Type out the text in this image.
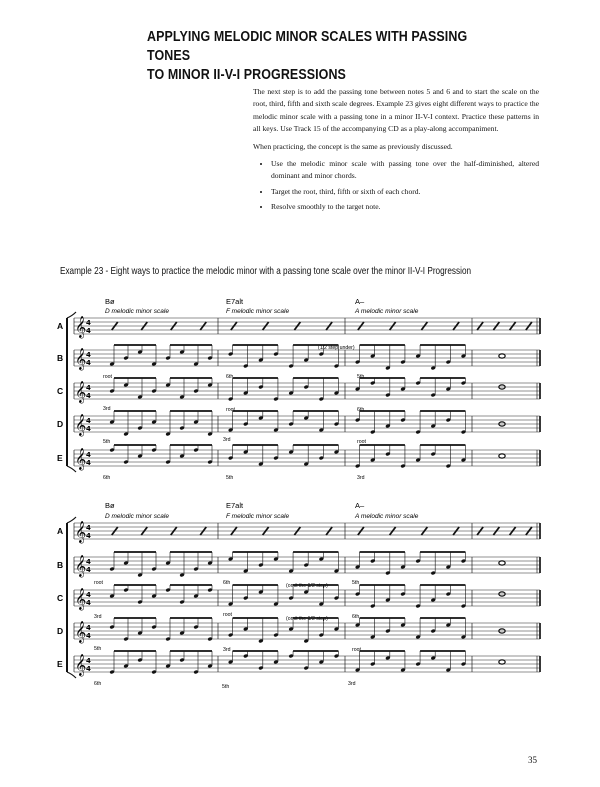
APPLYING MELODIC MINOR SCALES WITH PASSING TONES
TO MINOR II-V-I PROGRESSIONS

The next step is to add the passing tone between notes 5 and 6 and to start the scale on the root, third, fifth and sixth scale degrees. Example 23 gives eight different ways to practice the melodic minor scale with a passing tone in a minor II-V-I context. Practice these patterns in all keys. Use Track 15 of the accompanying CD as a play-along accompaniment.

When practicing, the concept is the same as previously discussed.

• Use the melodic minor scale with passing tone over the half-diminished, altered dominant and minor chords.
• Target the root, third, fifth or sixth of each chord.
• Resolve smoothly to the target note.
Example 23 - Eight ways to practice the melodic minor with a passing tone scale over the minor II-V-I Progression
Bø	E7alt	A–
D melodic minor scale	F melodic minor scale	A melodic minor scale
(1/2 step under)
root	6th	5th
3rd	root	6th
5th	3rd	root
6th	5th	3rd
Bø	E7alt	A–
D melodic minor scale	F melodic minor scale	A melodic minor scale
(omit the 1/2 step)
(omit the 1/2 step)
root	6th	5th
3rd	root	6th
5th	3rd	root
6th	5th	3rd
A 𝄞 4
4
B 𝄞 4
4
C 𝄞 4
4
D 𝄞 4
4
E 𝄞 4
4
A 𝄞 4
4
B 𝄞 4
4
C 𝄞 4
4
D 𝄞 4
4
E 𝄞 4
4
35
